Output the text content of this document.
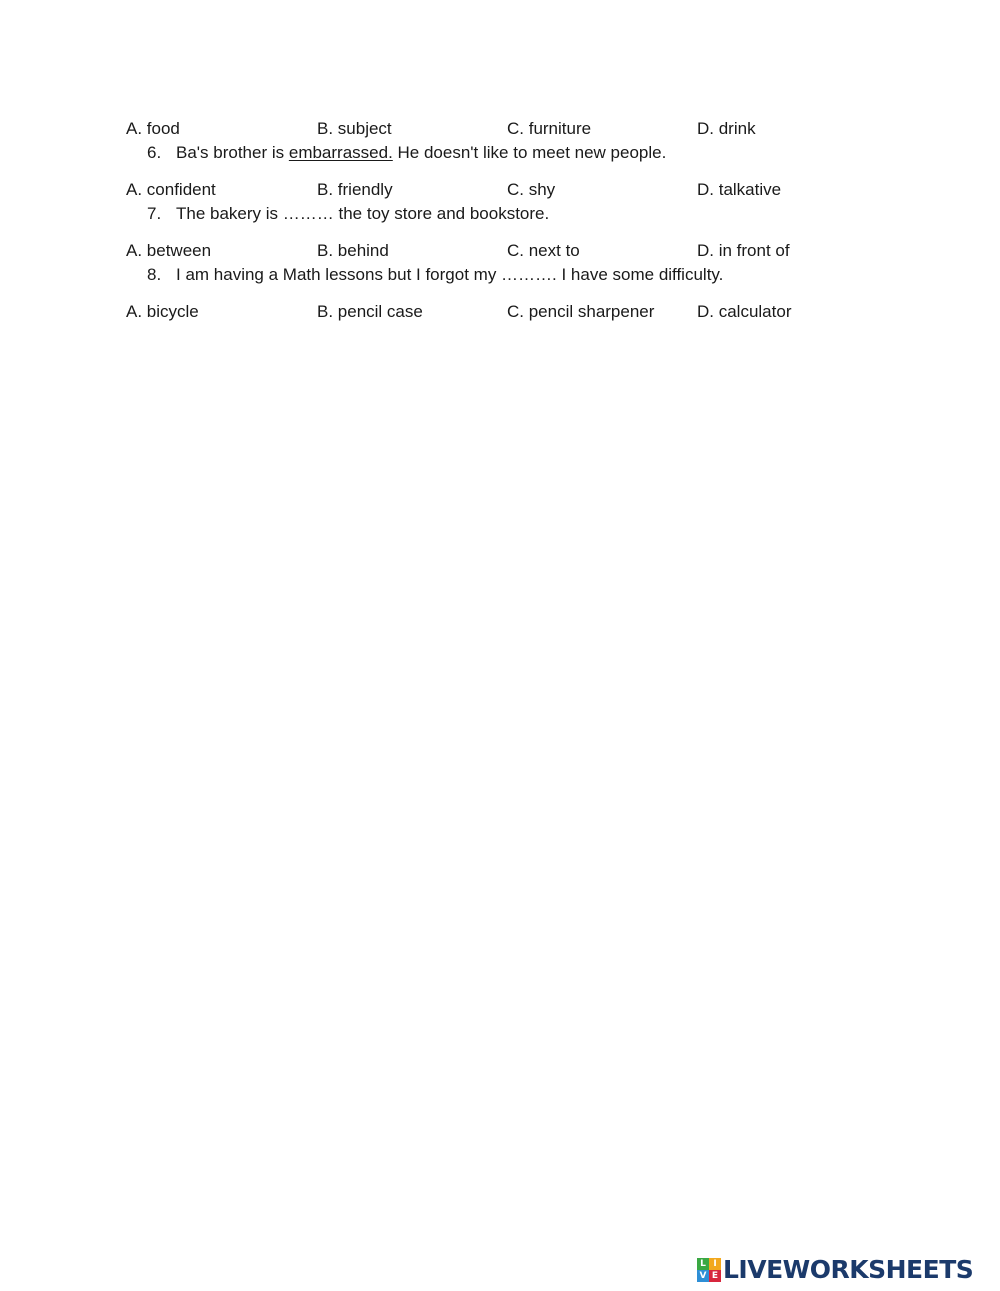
A. food	B. subject	C. furniture	D. drink
6. Ba's brother is embarrassed. He doesn't like to meet new people.
A. confident	B. friendly	C. shy	D. talkative
7. The bakery is ……… the toy store and bookstore.
A. between	B. behind	C. next to	D. in front of
8. I am having a Math lessons but I forgot my ………. I have some difficulty.
A. bicycle	B. pencil case	C. pencil sharpener	D. calculator
L I
V E LIVEWORKSHEETS
